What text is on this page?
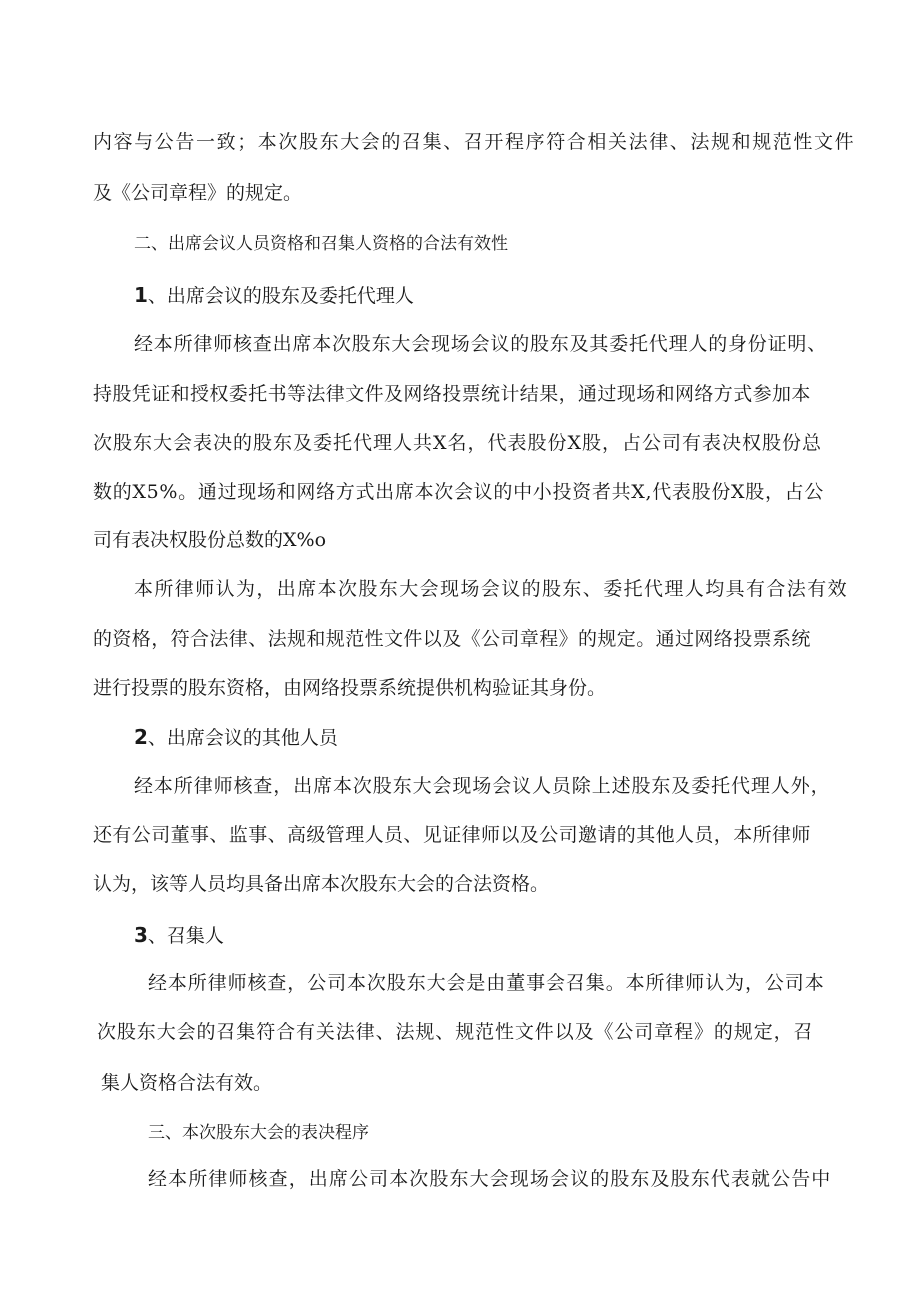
内容与公告一致；本次股东大会的召集、召开程序符合相关法律、法规和规范性文件

及《公司章程》的规定。

二、出席会议人员资格和召集人资格的合法有效性

1、出席会议的股东及委托代理人

经本所律师核查出席本次股东大会现场会议的股东及其委托代理人的身份证明、

持股凭证和授权委托书等法律文件及网络投票统计结果，通过现场和网络方式参加本

次股东大会表决的股东及委托代理人共X名，代表股份X股，占公司有表决权股份总

数的X5%。通过现场和网络方式出席本次会议的中小投资者共X,代表股份X股，占公

司有表决权股份总数的X%o

本所律师认为，出席本次股东大会现场会议的股东、委托代理人均具有合法有效

的资格，符合法律、法规和规范性文件以及《公司章程》的规定。通过网络投票系统

进行投票的股东资格，由网络投票系统提供机构验证其身份。

2、出席会议的其他人员

经本所律师核查，出席本次股东大会现场会议人员除上述股东及委托代理人外，

还有公司董事、监事、高级管理人员、见证律师以及公司邀请的其他人员，本所律师

认为，该等人员均具备出席本次股东大会的合法资格。

3、召集人

经本所律师核查，公司本次股东大会是由董事会召集。本所律师认为，公司本

次股东大会的召集符合有关法律、法规、规范性文件以及《公司章程》的规定，召

集人资格合法有效。

三、本次股东大会的表决程序

经本所律师核查，出席公司本次股东大会现场会议的股东及股东代表就公告中
